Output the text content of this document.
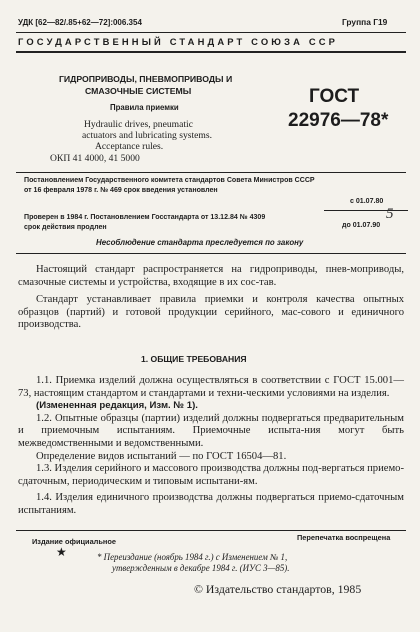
УДК [62—82/.85+62—72]:006.354	Группа Г19
ГОСУДАРСТВЕННЫЙ СТАНДАРТ СОЮЗА ССР
ГИДРОПРИВОДЫ, ПНЕВМОПРИВОДЫ И
СМАЗОЧНЫЕ СИСТЕМЫ
Правила приемки
Hydraulic drives, pneumatic
actuators and lubricating systems.
Acceptance rules.
ОКП 41 4000, 41 5000
ГОСТ
22976—78*
Постановлением Государственного комитета стандартов Совета Министров СССР
от 16 февраля 1978 г. № 469 срок введения установлен
с 01.07.80
Проверен в 1984 г. Постановлением Госстандарта от 13.12.84 № 4309
срок действия продлен
5
до 01.07.90
Несоблюдение стандарта преследуется по закону

Настоящий стандарт распространяется на гидроприводы, пнев-моприводы, смазочные системы и устройства, входящие в их сос-тав.

Стандарт устанавливает правила приемки и контроля качества опытных образцов (партий) и готовой продукции серийного, мас-сового и единичного производства.

1. ОБЩИЕ ТРЕБОВАНИЯ

1.1. Приемка изделий должна осуществляться в соответствии с ГОСТ 15.001—73, настоящим стандартом и стандартами и техни-ческими условиями на изделия.

(Измененная редакция, Изм. № 1).

1.2. Опытные образцы (партии) изделий должны подвергаться предварительным и приемочным испытаниям. Приемочные испыта-ния могут быть межведомственными и ведомственными.

Определение видов испытаний — по ГОСТ 16504—81.

1.3. Изделия серийного и массового производства должны под-вергаться приемо-сдаточным, периодическим и типовым испытани-ям.

1.4. Изделия единичного производства должны подвергаться приемо-сдаточным испытаниям.

Издание официальное	Перепечатка воспрещена
★	* Переиздание (ноябрь 1984 г.) с Изменением № 1,
утвержденным в декабре 1984 г. (ИУС 3—85).
© Издательство стандартов, 1985
